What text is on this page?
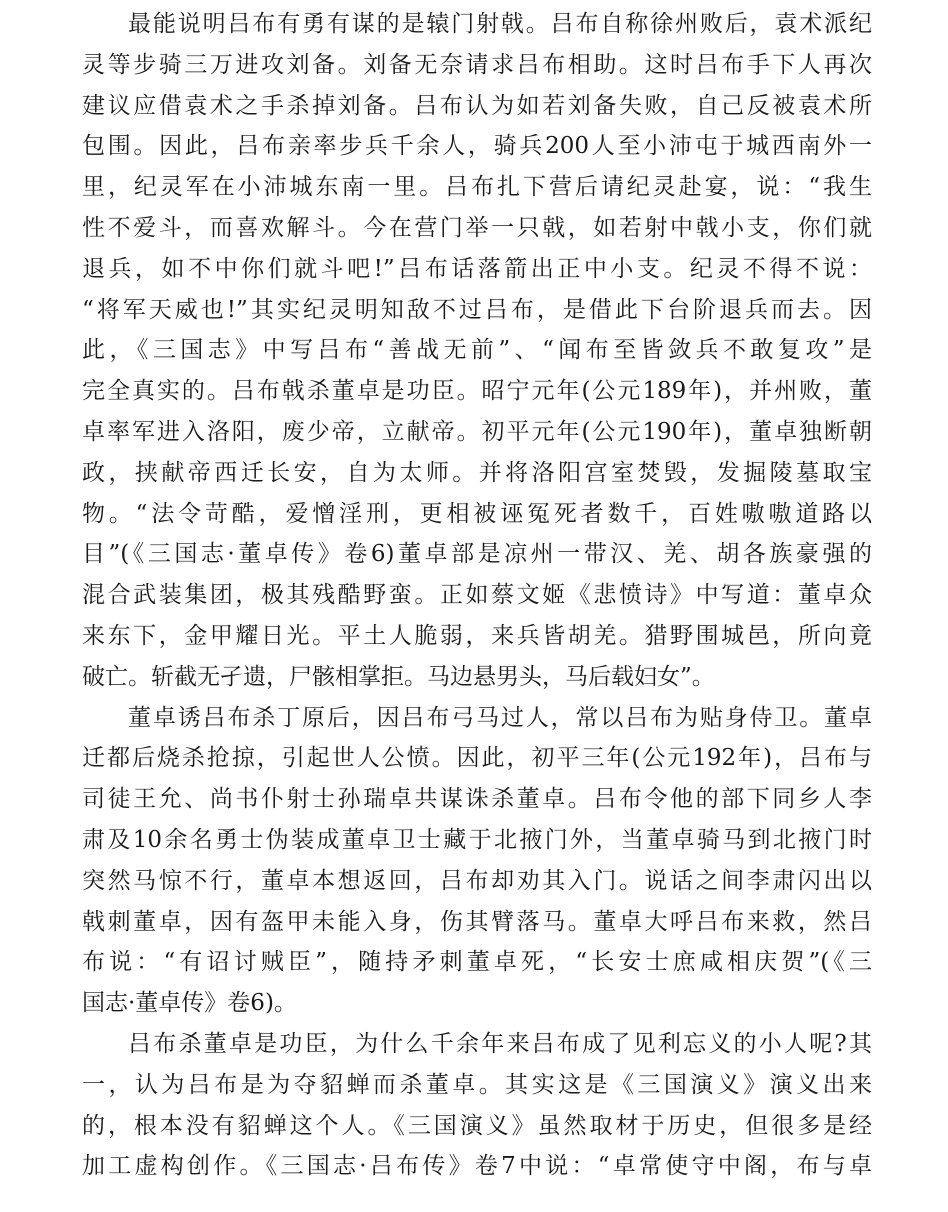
最能说明吕布有勇有谋的是辕门射戟。吕布自称徐州败后，袁术派纪
灵等步骑三万进攻刘备。刘备无奈请求吕布相助。这时吕布手下人再次
建议应借袁术之手杀掉刘备。吕布认为如若刘备失败，自己反被袁术所
包围。因此，吕布亲率步兵千余人，骑兵200人至小沛屯于城西南外一
里，纪灵军在小沛城东南一里。吕布扎下营后请纪灵赴宴，说：“我生
性不爱斗，而喜欢解斗。今在营门举一只戟，如若射中戟小支，你们就
退兵，如不中你们就斗吧!”吕布话落箭出正中小支。纪灵不得不说：
“将军天威也!”其实纪灵明知敌不过吕布，是借此下台阶退兵而去。因
此，《三国志》中写吕布“善战无前”、“闻布至皆敛兵不敢复攻”是
完全真实的。吕布戟杀董卓是功臣。昭宁元年(公元189年)，并州败，董
卓率军进入洛阳，废少帝，立献帝。初平元年(公元190年)，董卓独断朝
政，挟献帝西迁长安，自为太师。并将洛阳宫室焚毁，发掘陵墓取宝
物。“法令苛酷，爱憎淫刑，更相被诬冤死者数千，百姓嗷嗷道路以
目”(《三国志·董卓传》卷6)董卓部是凉州一带汉、羌、胡各族豪强的
混合武装集团，极其残酷野蛮。正如蔡文姬《悲愤诗》中写道：董卓众
来东下，金甲耀日光。平土人脆弱，来兵皆胡羌。猎野围城邑，所向竟
破亡。斩截无孑遗，尸骸相掌拒。马边悬男头，马后载妇女”。
董卓诱吕布杀丁原后，因吕布弓马过人，常以吕布为贴身侍卫。董卓
迁都后烧杀抢掠，引起世人公愤。因此，初平三年(公元192年)，吕布与
司徒王允、尚书仆射士孙瑞卓共谋诛杀董卓。吕布令他的部下同乡人李
肃及10余名勇士伪装成董卓卫士藏于北掖门外，当董卓骑马到北掖门时
突然马惊不行，董卓本想返回，吕布却劝其入门。说话之间李肃闪出以
戟刺董卓，因有盔甲未能入身，伤其臂落马。董卓大呼吕布来救，然吕
布说：“有诏讨贼臣”，随持矛刺董卓死，“长安士庶咸相庆贺”(《三
国志·董卓传》卷6)。
吕布杀董卓是功臣，为什么千余年来吕布成了见利忘义的小人呢?其
一，认为吕布是为夺貂蝉而杀董卓。其实这是《三国演义》演义出来
的，根本没有貂蝉这个人。《三国演义》虽然取材于历史，但很多是经
加工虚构创作。《三国志·吕布传》卷7中说：“卓常使守中阁，布与卓
